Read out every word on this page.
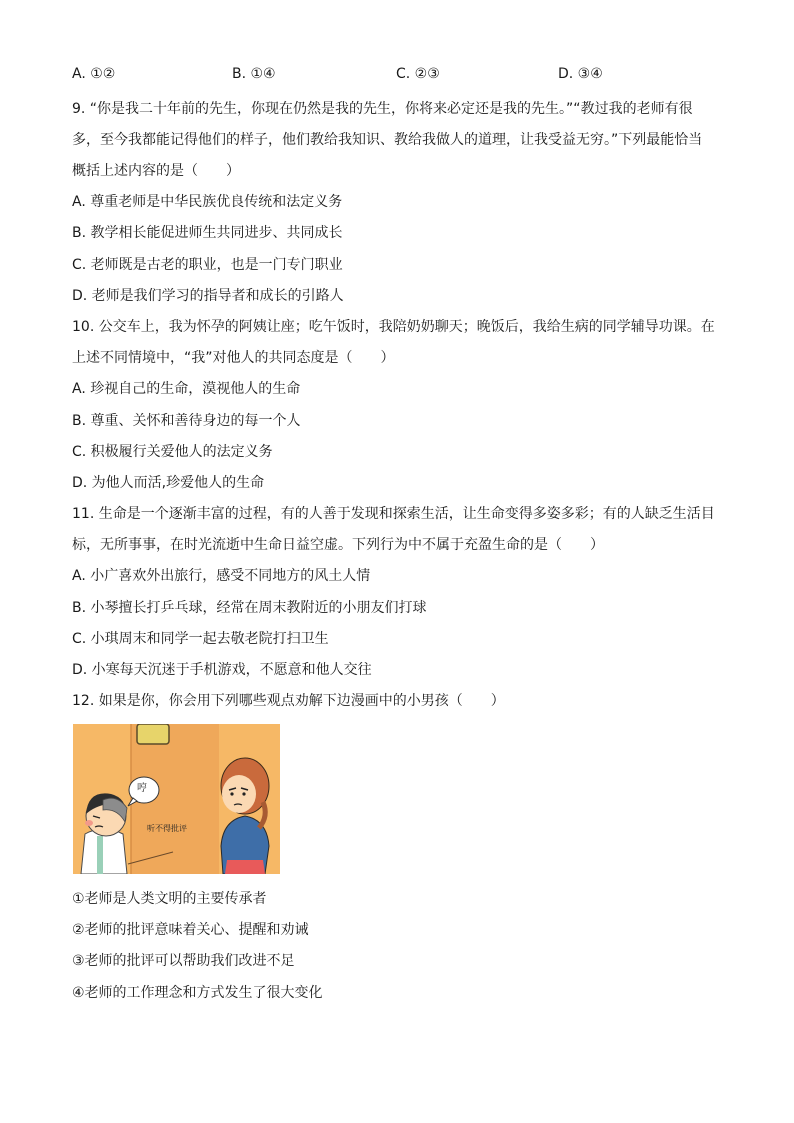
A. ①②	B. ①④	C. ②③	D. ③④
9. “你是我二十年前的先生，你现在仍然是我的先生，你将来必定还是我的先生。”“教过我的老师有很
多，至今我都能记得他们的样子，他们教给我知识、教给我做人的道理，让我受益无穷。”下列最能恰当
概括上述内容的是（　　）
A. 尊重老师是中华民族优良传统和法定义务
B. 教学相长能促进师生共同进步、共同成长
C. 老师既是古老的职业，也是一门专门职业
D. 老师是我们学习的指导者和成长的引路人
10. 公交车上，我为怀孕的阿姨让座；吃午饭时，我陪奶奶聊天；晚饭后，我给生病的同学辅导功课。在
上述不同情境中，“我”对他人的共同态度是（　　）
A. 珍视自己的生命，漠视他人的生命
B. 尊重、关怀和善待身边的每一个人
C. 积极履行关爱他人的法定义务
D. 为他人而活,珍爱他人的生命
11. 生命是一个逐渐丰富的过程，有的人善于发现和探索生活，让生命变得多姿多彩；有的人缺乏生活目
标，无所事事，在时光流逝中生命日益空虚。下列行为中不属于充盈生命的是（　　）
A. 小广喜欢外出旅行，感受不同地方的风土人情
B. 小琴擅长打乒乓球，经常在周末教附近的小朋友们打球
C. 小琪周末和同学一起去敬老院打扫卫生
D. 小寒每天沉迷于手机游戏，不愿意和他人交往
12. 如果是你，你会用下列哪些观点劝解下边漫画中的小男孩（　　）
哼
听不得批评
①老师是人类文明的主要传承者
②老师的批评意味着关心、提醒和劝诫
③老师的批评可以帮助我们改进不足
④老师的工作理念和方式发生了很大变化
